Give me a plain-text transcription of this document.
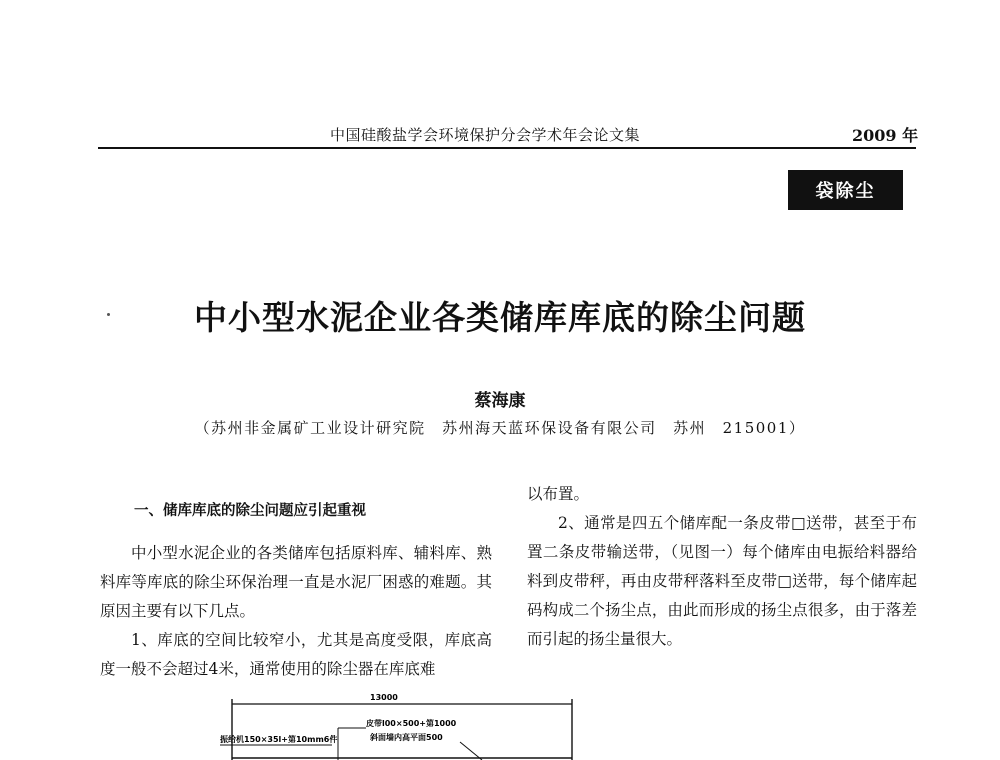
中国硅酸盐学会环境保护分会学术年会论文集	2009 年
袋除尘
中小型水泥企业各类储库库底的除尘问题
蔡海康
（苏州非金属矿工业设计研究院　苏州海天蓝环保设备有限公司　苏州　215001）

一、储库库底的除尘问题应引起重视

中小型水泥企业的各类储库包括原料库、辅料库、熟料库等库底的除尘环保治理一直是水泥厂困惑的难题。其原因主要有以下几点。

1、库底的空间比较窄小，尤其是高度受限，库底高度一般不会超过4米，通常使用的除尘器在库底难

以布置。

2、通常是四五个储库配一条皮带□送带，甚至于布置二条皮带输送带，（见图一）每个储库由电振给料器给料到皮带秤，再由皮带秤落料至皮带□送带，每个储库起码构成二个扬尘点，由此而形成的扬尘点很多，由于落差而引起的扬尘量很大。

13000
皮带l00×500+第1000
斜面墙内高平面500
振给机150×35l+第10mm6件
